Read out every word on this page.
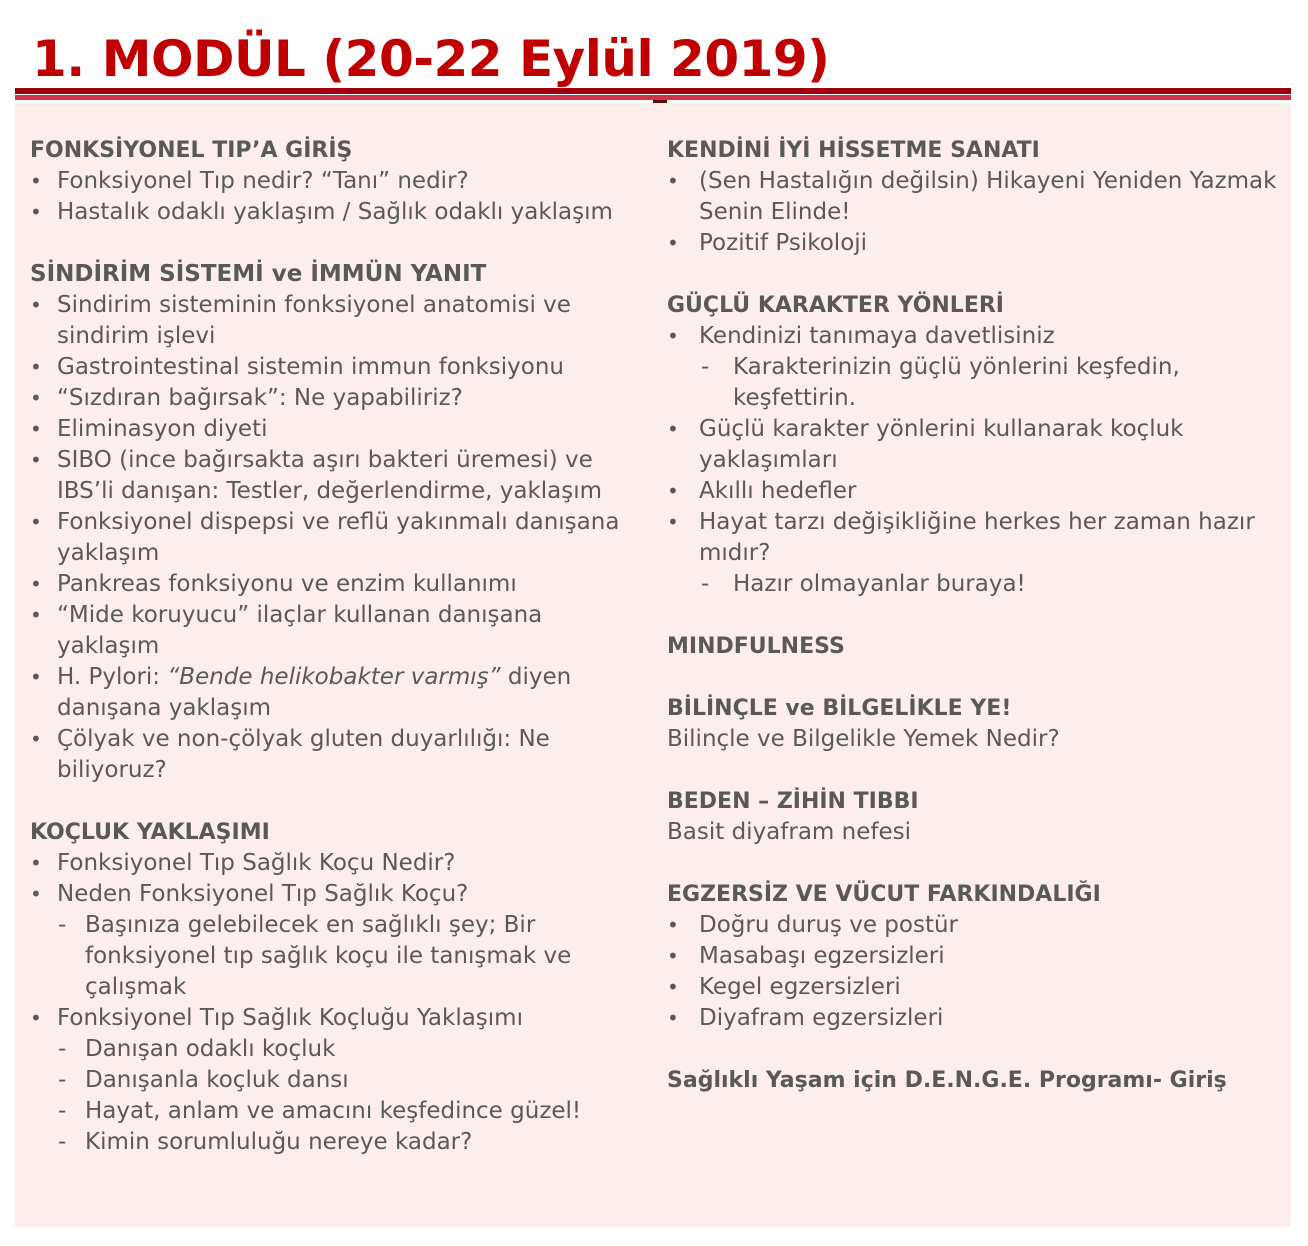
1. MODÜL (20-22 Eylül 2019)
FONKSİYONEL TIP’A GİRİŞ
• Fonksiyonel Tıp nedir? “Tanı” nedir?
• Hastalık odaklı yaklaşım / Sağlık odaklı yaklaşım
SİNDİRİM SİSTEMİ ve İMMÜN YANIT
• Sindirim sisteminin fonksiyonel anatomisi ve sindirim işlevi
• Gastrointestinal sistemin immun fonksiyonu
• “Sızdıran bağırsak”: Ne yapabiliriz?
• Eliminasyon diyeti
• SIBO (ince bağırsakta aşırı bakteri üremesi) ve IBS’li danışan: Testler, değerlendirme, yaklaşım
• Fonksiyonel dispepsi ve reflü yakınmalı danışana yaklaşım
• Pankreas fonksiyonu ve enzim kullanımı
• “Mide koruyucu” ilaçlar kullanan danışana yaklaşım
• H. Pylori: “Bende helikobakter varmış” diyen danışana yaklaşım
• Çölyak ve non-çölyak gluten duyarlılığı: Ne biliyoruz?
KOÇLUK YAKLAŞIMI
• Fonksiyonel Tıp Sağlık Koçu Nedir?
• Neden Fonksiyonel Tıp Sağlık Koçu?
- Başınıza gelebilecek en sağlıklı şey; Bir fonksiyonel tıp sağlık koçu ile tanışmak ve çalışmak
• Fonksiyonel Tıp Sağlık Koçluğu Yaklaşımı
- Danışan odaklı koçluk
- Danışanla koçluk dansı
- Hayat, anlam ve amacını keşfedince güzel!
- Kimin sorumluluğu nereye kadar?
KENDİNİ İYİ HİSSETME SANATI
• (Sen Hastalığın değilsin) Hikayeni Yeniden Yazmak Senin Elinde!
• Pozitif Psikoloji
GÜÇLÜ KARAKTER YÖNLERİ
• Kendinizi tanımaya davetlisiniz
- Karakterinizin güçlü yönlerini keşfedin, keşfettirin.
• Güçlü karakter yönlerini kullanarak koçluk yaklaşımları
• Akıllı hedefler
• Hayat tarzı değişikliğine herkes her zaman hazır mıdır?
- Hazır olmayanlar buraya!
MINDFULNESS
BİLİNÇLE ve BİLGELİKLE YE!

Bilinçle ve Bilgelikle Yemek Nedir?

BEDEN – ZİHİN TIBBI

Basit diyafram nefesi

EGZERSİZ VE VÜCUT FARKINDALIĞI
• Doğru duruş ve postür
• Masabaşı egzersizleri
• Kegel egzersizleri
• Diyafram egzersizleri
Sağlıklı Yaşam için D.E.N.G.E. Programı- Giriş
